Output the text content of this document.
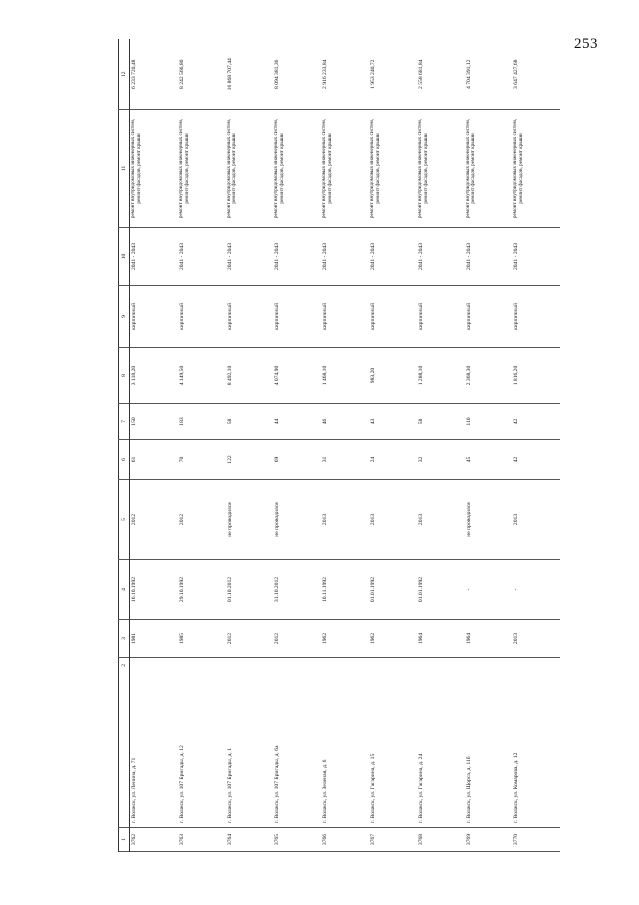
253
1	2	3	4	5	6	7	8	9	10	11	12
3762	г. Волжск, ул. Ленина, д. 71	1981	16.10.1992	2012	61	150	3 118,20	кирпичный	2041 - 2043	ремонт внутридомовых инженерных систем, ремонт фасадов, ремонт крыши	6 233 720,48
3763	г. Волжск, ул. 107 Бригады, д. 12	1985	29.10.1992	2012	70	183	4 149,50	кирпичный	2041 - 2043	ремонт внутридомовых инженерных систем, ремонт фасадов, ремонт крыши	8 242 566,80
3764	г. Волжск, ул. 107 Бригады, д. 1	2012	01.10.2012	не проводился	122	58	8 492,10	кирпичный	2041 - 2043	ремонт внутридомовых инженерных систем, ремонт фасадов, ремонт крыши	16 868 707,44
3765	г. Волжск, ул. 107 Бригады, д. 6а	2012	31.10.2012	не проводился	69	44	4 074,90	кирпичный	2041 - 2043	ремонт внутридомовых инженерных систем, ремонт фасадов, ремонт крыши	8 094 381,36
3766	г. Волжск, ул. Зеленая, д. 6	1962	10.11.1992	2013	31	46	1 468,10	кирпичный	2041 - 2043	ремонт внутридомовых инженерных систем, ремонт фасадов, ремонт крыши	2 916 233,84
3767	г. Волжск, ул. Гагарина, д. 15	1962	01.01.1992	2013	24	43	983,20	кирпичный	2041 - 2043	ремонт внутридомовых инженерных систем, ремонт фасадов, ремонт крыши	1 953 240,72
3768	г. Волжск, ул. Гагарина, д. 24	1964	01.01.1992	2013	32	58	1 288,10	кирпичный	2041 - 2043	ремонт внутридомовых инженерных систем, ремонт фасадов, ремонт крыши	2 558 681,84
3769	г. Волжск, ул. Щорса, д. 11б	1964	-	не проводился	45	110	2 368,30	кирпичный	2041 - 2043	ремонт внутридомовых инженерных систем, ремонт фасадов, ремонт крыши	4 704 391,12
3770	г. Волжск, ул. Комарова, д. 12	2013	-	2013	42	42	1 816,20	кирпичный	2041 - 2043	ремонт внутридомовых инженерных систем, ремонт фасадов, ремонт крыши	3 647 427,68
